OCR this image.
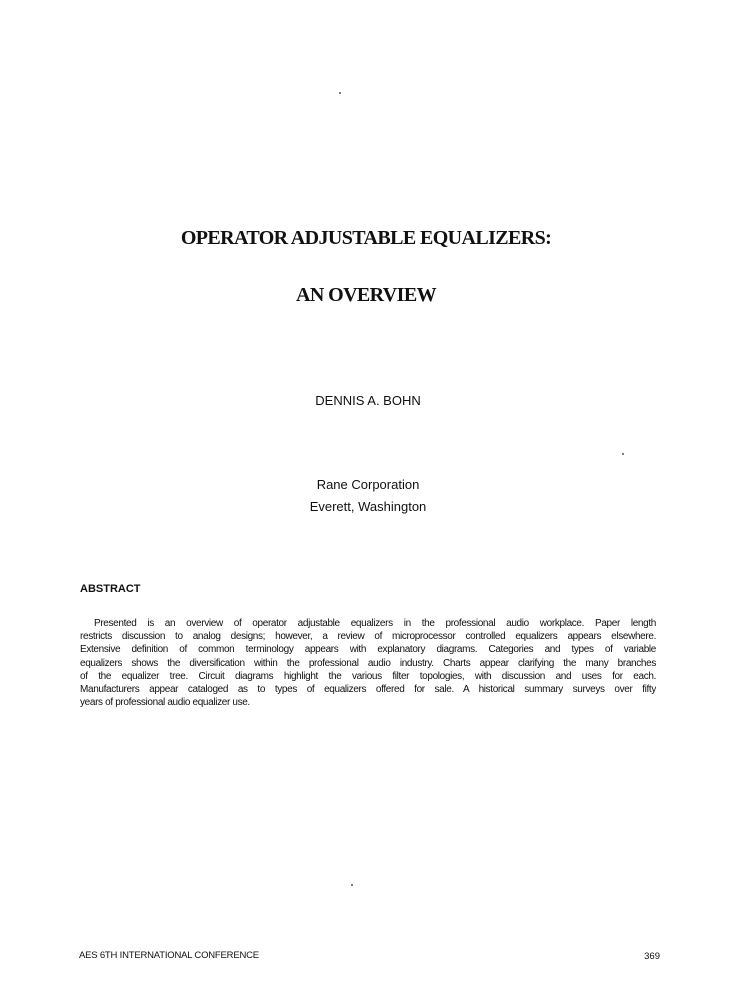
OPERATOR ADJUSTABLE EQUALIZERS:
AN OVERVIEW
DENNIS A. BOHN
Rane Corporation
Everett, Washington
ABSTRACT
Presented is an overview of operator adjustable equalizers in the professional audio workplace. Paper length
restricts discussion to analog designs; however, a review of microprocessor controlled equalizers appears elsewhere.
Extensive definition of common terminology appears with explanatory diagrams. Categories and types of variable
equalizers shows the diversification within the professional audio industry. Charts appear clarifying the many branches
of the equalizer tree. Circuit diagrams highlight the various filter topologies, with discussion and uses for each.
Manufacturers appear cataloged as to types of equalizers offered for sale. A historical summary surveys over fifty
years of professional audio equalizer use.
AES 6TH INTERNATIONAL CONFERENCE	369
